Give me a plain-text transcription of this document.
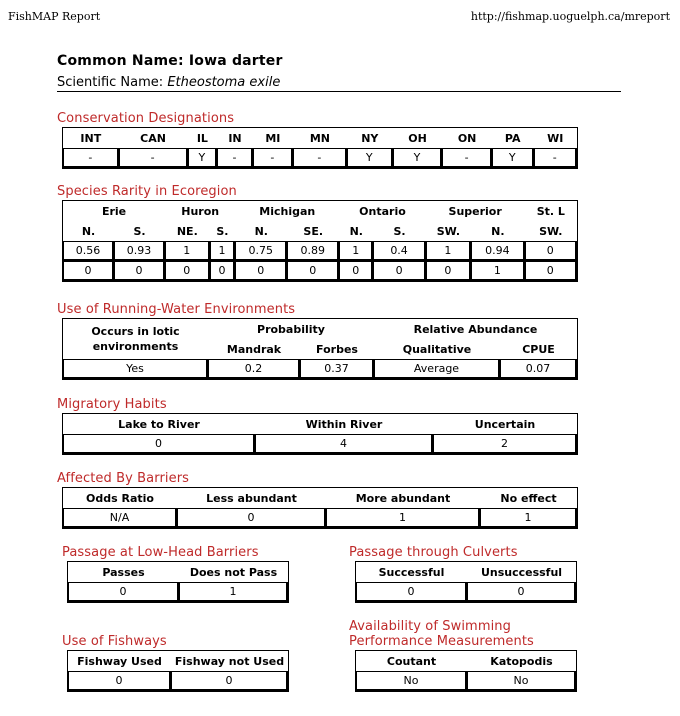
FishMAP Report	http://fishmap.uoguelph.ca/mreport
Common Name: Iowa darter
Scientific Name: Etheostoma exile
Conservation Designations
INT	CAN	IL	IN	MI	MN	NY	OH	ON	PA	WI
-	-	Y	-	-	-	Y	Y	-	Y	-
Species Rarity in Ecoregion
Erie		Huron		Michigan		Ontario		Superior		St. L
N.	S.	NE.	S.	N.	SE.	N.	S.	SW.	N.	SW.
0.56	0.93	1	1	0.75	0.89	1	0.4	1	0.94	0
0	0	0	0	0	0	0	0	0	1	0
Use of Running-Water Environments
Occurs in lotic environments	Probability		Relative Abundance	
	Mandrak	Forbes	Qualitative	CPUE
Yes	0.2	0.37	Average	0.07
Migratory Habits
Lake to River	Within River	Uncertain
0	4	2
Affected By Barriers
Odds Ratio	Less abundant	More abundant	No effect
N/A	0	1	1
Passage at Low-Head Barriers
Passes	Does not Pass
0	1
Passage through Culverts
Successful	Unsuccessful
0	0
Use of Fishways
Fishway Used	Fishway not Used
0	0
Availability of Swimming Performance Measurements
Coutant	Katopodis
No	No
